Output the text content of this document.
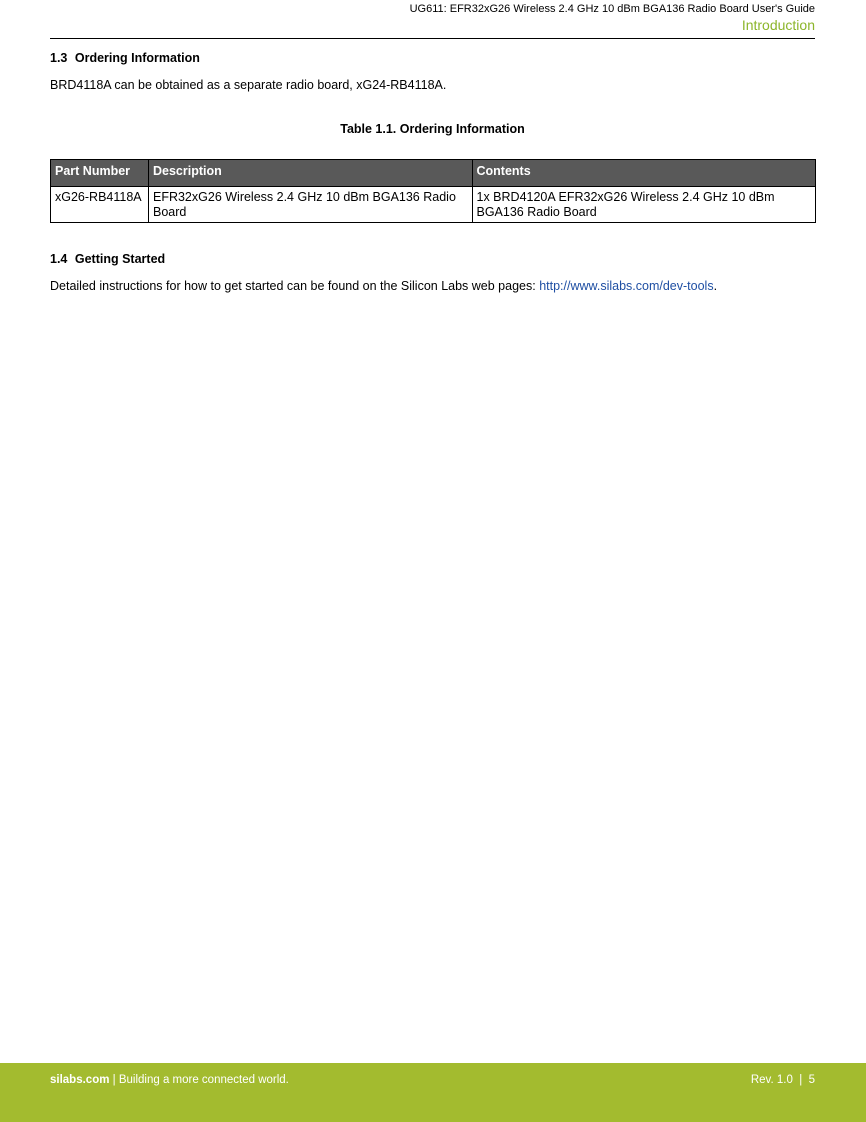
UG611: EFR32xG26 Wireless 2.4 GHz 10 dBm BGA136 Radio Board User's Guide
Introduction
1.3 Ordering Information
BRD4118A can be obtained as a separate radio board, xG24-RB4118A.
Table 1.1. Ordering Information
Part Number	Description	Contents
xG26-RB4118A	EFR32xG26 Wireless 2.4 GHz 10 dBm BGA136 Radio Board	1x BRD4120A EFR32xG26 Wireless 2.4 GHz 10 dBm BGA136 Radio Board
1.4 Getting Started
Detailed instructions for how to get started can be found on the Silicon Labs web pages: http://www.silabs.com/dev-tools.
silabs.com | Building a more connected world.	Rev. 1.0  |  5
